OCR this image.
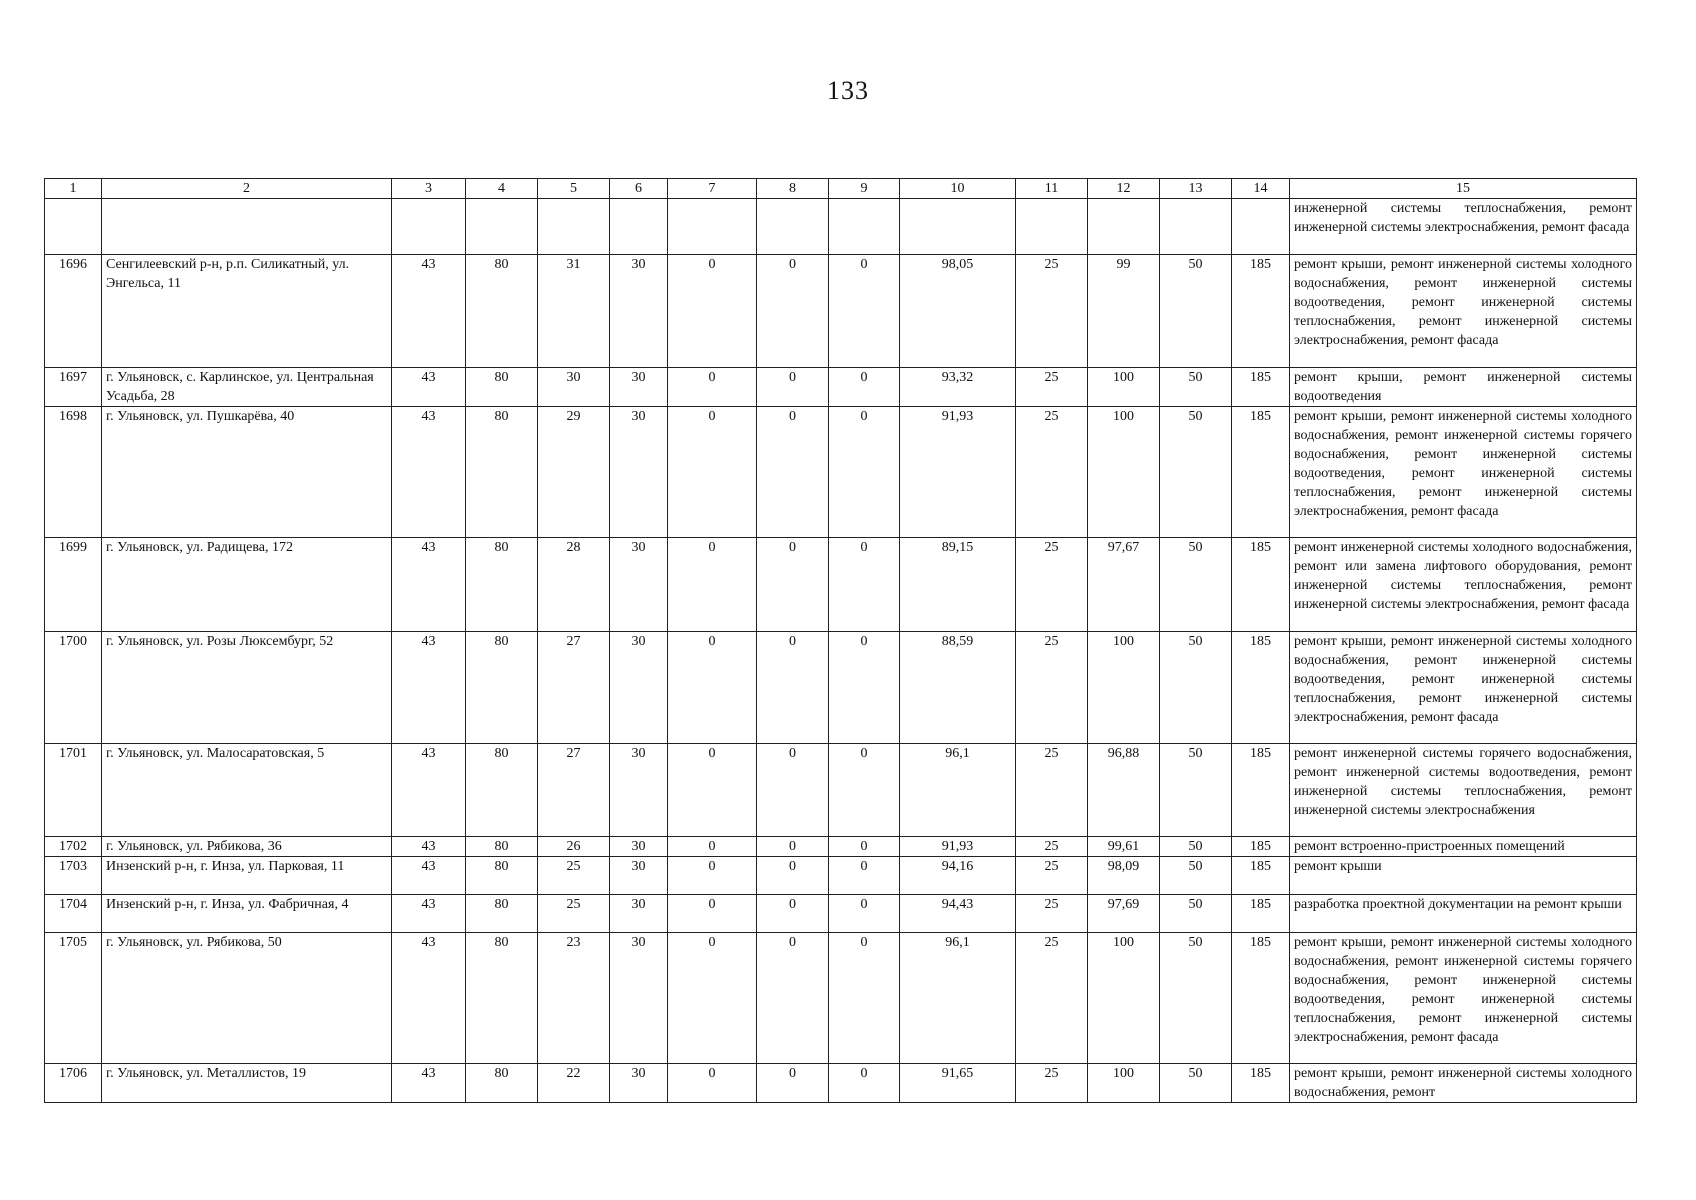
133
1	2	3	4	5	6	7	8	9	10	11	12	13	14	15
														инженерной системы теплоснабжения, ремонт инженерной системы электроснабжения, ремонт фасада
1696	Сенгилеевский р-н, р.п. Силикатный, ул. Энгельса, 11	43	80	31	30	0	0	0	98,05	25	99	50	185	ремонт крыши, ремонт инженерной системы холодного водоснабжения, ремонт инженерной системы водоотведения, ремонт инженерной системы теплоснабжения, ремонт инженерной системы электроснабжения, ремонт фасада
1697	г. Ульяновск, с. Карлинское, ул. Центральная Усадьба, 28	43	80	30	30	0	0	0	93,32	25	100	50	185	ремонт крыши, ремонт инженерной системы водоотведения
1698	г. Ульяновск, ул. Пушкарёва, 40	43	80	29	30	0	0	0	91,93	25	100	50	185	ремонт крыши, ремонт инженерной системы холодного водоснабжения, ремонт инженерной системы горячего водоснабжения, ремонт инженерной системы водоотведения, ремонт инженерной системы теплоснабжения, ремонт инженерной системы электроснабжения, ремонт фасада
1699	г. Ульяновск, ул. Радищева, 172	43	80	28	30	0	0	0	89,15	25	97,67	50	185	ремонт инженерной системы холодного водоснабжения, ремонт или замена лифтового оборудования, ремонт инженерной системы теплоснабжения, ремонт инженерной системы электроснабжения, ремонт фасада
1700	г. Ульяновск, ул. Розы Люксембург, 52	43	80	27	30	0	0	0	88,59	25	100	50	185	ремонт крыши, ремонт инженерной системы холодного водоснабжения, ремонт инженерной системы водоотведения, ремонт инженерной системы теплоснабжения, ремонт инженерной системы электроснабжения, ремонт фасада
1701	г. Ульяновск, ул. Малосаратовская, 5	43	80	27	30	0	0	0	96,1	25	96,88	50	185	ремонт инженерной системы горячего водоснабжения, ремонт инженерной системы водоотведения, ремонт инженерной системы теплоснабжения, ремонт инженерной системы электроснабжения
1702	г. Ульяновск, ул. Рябикова, 36	43	80	26	30	0	0	0	91,93	25	99,61	50	185	ремонт встроенно-пристроенных помещений
1703	Инзенский р-н, г. Инза, ул. Парковая, 11	43	80	25	30	0	0	0	94,16	25	98,09	50	185	ремонт крыши
1704	Инзенский р-н, г. Инза, ул. Фабричная, 4	43	80	25	30	0	0	0	94,43	25	97,69	50	185	разработка проектной документации на ремонт крыши
1705	г. Ульяновск, ул. Рябикова, 50	43	80	23	30	0	0	0	96,1	25	100	50	185	ремонт крыши, ремонт инженерной системы холодного водоснабжения, ремонт инженерной системы горячего водоснабжения, ремонт инженерной системы водоотведения, ремонт инженерной системы теплоснабжения, ремонт инженерной системы электроснабжения, ремонт фасада
1706	г. Ульяновск, ул. Металлистов, 19	43	80	22	30	0	0	0	91,65	25	100	50	185	ремонт крыши, ремонт инженерной системы холодного водоснабжения, ремонт
